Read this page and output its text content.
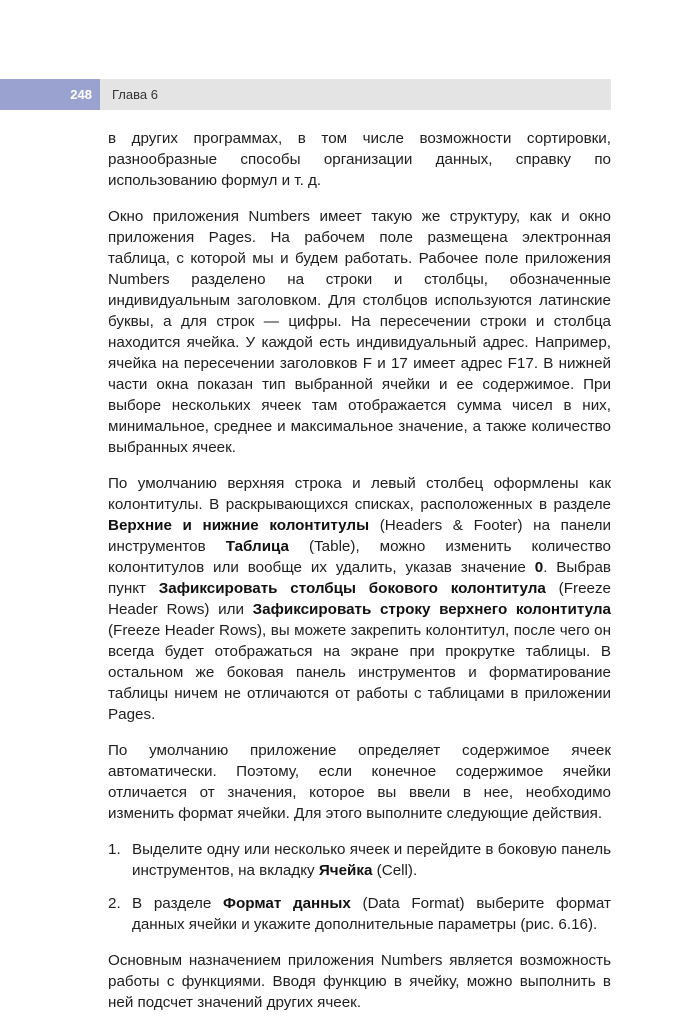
248	Глава 6

в других программах, в том числе возможности сортировки, разнообразные способы организации данных, справку по использованию формул и т. д.

Окно приложения Numbers имеет такую же структуру, как и окно приложения Pages. На рабочем поле размещена электронная таблица, с которой мы и будем работать. Рабочее поле приложения Numbers разделено на строки и столбцы, обозначенные индивидуальным заголовком. Для столбцов используются латинские буквы, а для строк — цифры. На пересечении строки и столбца находится ячейка. У каждой есть индивидуальный адрес. Например, ячейка на пересечении заголовков F и 17 имеет адрес F17. В нижней части окна показан тип выбранной ячейки и ее содержимое. При выборе нескольких ячеек там отображается сумма чисел в них, минимальное, среднее и максимальное значение, а также количество выбранных ячеек.

По умолчанию верхняя строка и левый столбец оформлены как колонтитулы. В раскрывающихся списках, расположенных в разделе Верхние и нижние колонтитулы (Headers & Footer) на панели инструментов Таблица (Table), можно изменить количество колонтитулов или вообще их удалить, указав значение 0. Выбрав пункт Зафиксировать столбцы бокового колонтитула (Freeze Header Rows) или Зафиксировать строку верхнего колонтитула (Freeze Header Rows), вы можете закрепить колонтитул, после чего он всегда будет отображаться на экране при прокрутке таблицы. В остальном же боковая панель инструментов и форматирование таблицы ничем не отличаются от работы с таблицами в приложении Pages.

По умолчанию приложение определяет содержимое ячеек автоматически. Поэтому, если конечное содержимое ячейки отличается от значения, которое вы ввели в нее, необходимо изменить формат ячейки. Для этого выполните следующие действия.

1. Выделите одну или несколько ячеек и перейдите в боковую панель инструментов, на вкладку Ячейка (Cell).
2. В разделе Формат данных (Data Format) выберите формат данных ячейки и укажите дополнительные параметры (рис. 6.16).

Основным назначением приложения Numbers является возможность работы с функциями. Вводя функцию в ячейку, можно выполнить в ней подсчет значений других ячеек.
